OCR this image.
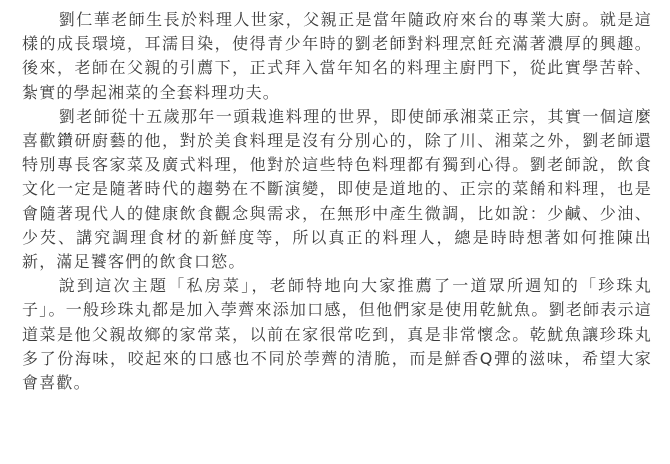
劉仁華老師生長於料理人世家，父親正是當年隨政府來台的專業大廚。就是這樣的成長環境，耳濡目染，使得青少年時的劉老師對料理烹飪充滿著濃厚的興趣。後來，老師在父親的引薦下，正式拜入當年知名的料理主廚門下，從此實學苦幹、紮實的學起湘菜的全套料理功夫。

劉老師從十五歲那年一頭栽進料理的世界，即使師承湘菜正宗，其實一個這麼喜歡鑽研廚藝的他，對於美食料理是沒有分別心的，除了川、湘菜之外，劉老師還特別專長客家菜及廣式料理，他對於這些特色料理都有獨到心得。劉老師說，飲食文化一定是隨著時代的趨勢在不斷演變，即使是道地的、正宗的菜餚和料理，也是會隨著現代人的健康飲食觀念與需求，在無形中產生微調，比如說：少鹹、少油、少芡、講究調理食材的新鮮度等，所以真正的料理人，總是時時想著如何推陳出新，滿足饕客們的飲食口慾。

說到這次主題「私房菜」，老師特地向大家推薦了一道眾所週知的「珍珠丸子」。一般珍珠丸都是加入荸薺來添加口感，但他們家是使用乾魷魚。劉老師表示這道菜是他父親故鄉的家常菜，以前在家很常吃到，真是非常懷念。乾魷魚讓珍珠丸多了份海味，咬起來的口感也不同於荸薺的清脆，而是鮮香Q彈的滋味，希望大家會喜歡。
